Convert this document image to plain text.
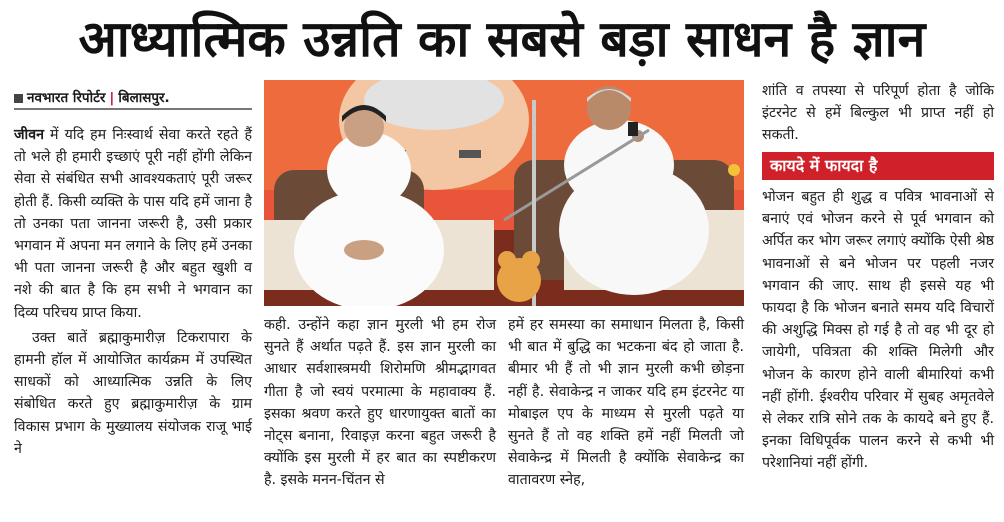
आध्यात्मिक उन्नति का सबसे बड़ा साधन है ज्ञान
नवभारत रिपोर्टर | बिलासपुर.

जीवन में यदि हम निःस्वार्थ सेवा करते रहते हैं तो भले ही हमारी इच्छाएं पूरी नहीं होंगी लेकिन सेवा से संबंधित सभी आवश्यकताएं पूरी जरूर होती हैं. किसी व्यक्ति के पास यदि हमें जाना है तो उनका पता जानना जरूरी है, उसी प्रकार भगवान में अपना मन लगाने के लिए हमें उनका भी पता जानना जरूरी है और बहुत खुशी व नशे की बात है कि हम सभी ने भगवान का दिव्य परिचय प्राप्त किया.

उक्त बातें ब्रह्माकुमारीज़ टिकरापारा के हामनी हॉल में आयोजित कार्यक्रम में उपस्थित साधकों को आध्यात्मिक उन्नति के लिए संबोधित करते हुए ब्रह्माकुमारीज़ के ग्राम विकास प्रभाग के मुख्यालय संयोजक राजू भाई ने

कही. उन्होंने कहा ज्ञान मुरली भी हम रोज सुनते हैं अर्थात पढ़ते हैं. इस ज्ञान मुरली का आधार सर्वशास्त्रमयी शिरोमणि श्रीमद्भागवत गीता है जो स्वयं परमात्मा के महावाक्य हैं. इसका श्रवण करते हुए धारणायुक्त बातों का नोट्स बनाना, रिवाइज़ करना बहुत जरूरी है क्योंकि इस मुरली में हर बात का स्पष्टीकरण है. इसके मनन-चिंतन से

हमें हर समस्या का समाधान मिलता है, किसी भी बात में बुद्धि का भटकना बंद हो जाता है. बीमार भी हैं तो भी ज्ञान मुरली कभी छोड़ना नहीं है. सेवाकेन्द्र न जाकर यदि हम इंटरनेट या मोबाइल एप के माध्यम से मुरली पढ़ते या सुनते हैं तो वह शक्ति हमें नहीं मिलती जो सेवाकेन्द्र में मिलती है क्योंकि सेवाकेन्द्र का वातावरण स्नेह,

शांति व तपस्या से परिपूर्ण होता है जोकि इंटरनेट से हमें बिल्कुल भी प्राप्त नहीं हो सकती.

कायदे में फायदा है

भोजन बहुत ही शुद्ध व पवित्र भावनाओं से बनाएं एवं भोजन करने से पूर्व भगवान को अर्पित कर भोग जरूर लगाएं क्योंकि ऐसी श्रेष्ठ भावनाओं से बने भोजन पर पहली नजर भगवान की जाए. साथ ही इससे यह भी फायदा है कि भोजन बनाते समय यदि विचारों की अशुद्धि मिक्स हो गई है तो वह भी दूर हो जायेगी, पवित्रता की शक्ति मिलेगी और भोजन के कारण होने वाली बीमारियां कभी नहीं होंगी. ईश्वरीय परिवार में सुबह अमृतवेले से लेकर रात्रि सोने तक के कायदे बने हुए हैं. इनका विधिपूर्वक पालन करने से कभी भी परेशानियां नहीं होंगी.
